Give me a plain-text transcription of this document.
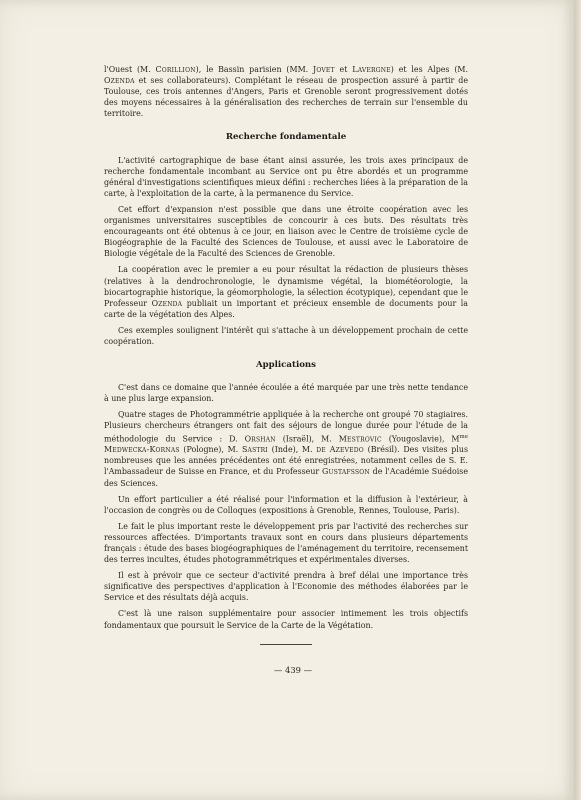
l'Ouest (M. Corillion), le Bassin parisien (MM. Jovet et Lavergne) et les Alpes (M. Ozenda et ses collaborateurs). Complétant le réseau de prospection assuré à partir de Toulouse, ces trois antennes d'Angers, Paris et Grenoble seront progressivement dotés des moyens nécessaires à la généralisation des recherches de terrain sur l'ensemble du territoire.

Recherche fondamentale

L'activité cartographique de base étant ainsi assurée, les trois axes principaux de recherche fondamentale incombant au Service ont pu être abordés et un programme général d'investigations scientifiques mieux défini : recherches liées à la préparation de la carte, à l'exploitation de la carte, à la permanence du Service.

Cet effort d'expansion n'est possible que dans une étroite coopération avec les organismes universitaires susceptibles de concourir à ces buts. Des résultats très encourageants ont été obtenus à ce jour, en liaison avec le Centre de troisième cycle de Biogéographie de la Faculté des Sciences de Toulouse, et aussi avec le Laboratoire de Biologie végétale de la Faculté des Sciences de Grenoble.

La coopération avec le premier a eu pour résultat la rédaction de plusieurs thèses (relatives à la dendrochronologie, le dynamisme végétal, la biométéorologie, la biocartographie historique, la géomorphologie, la sélection écotypique), cependant que le Professeur Ozenda publiait un important et précieux ensemble de documents pour la carte de la végétation des Alpes.

Ces exemples soulignent l'intérêt qui s'attache à un développement prochain de cette coopération.

Applications

C'est dans ce domaine que l'année écoulée a été marquée par une très nette tendance à une plus large expansion.

Quatre stages de Photogrammétrie appliquée à la recherche ont groupé 70 stagiaires. Plusieurs chercheurs étrangers ont fait des séjours de longue durée pour l'étude de la méthodologie du Service : D. Orshan (Israël), M. Mestrovic (Yougoslavie), $M^{me}$ Medwecka-Kornas (Pologne), M. Sastri (Inde), M. de Azevedo (Brésil). Des visites plus nombreuses que les années précédentes ont été enregistrées, notamment celles de S. E. l'Ambassadeur de Suisse en France, et du Professeur Gustafsson de l'Académie Suédoise des Sciences.

Un effort particulier a été réalisé pour l'information et la diffusion à l'extérieur, à l'occasion de congrès ou de Colloques (expositions à Grenoble, Rennes, Toulouse, Paris).

Le fait le plus important reste le développement pris par l'activité des recherches sur ressources affectées. D'importants travaux sont en cours dans plusieurs départements français : étude des bases biogéographiques de l'aménagement du territoire, recensement des terres incultes, études photogrammétriques et expérimentales diverses.

Il est à prévoir que ce secteur d'activité prendra à bref délai une importance très significative des perspectives d'application à l'Economie des méthodes élaborées par le Service et des résultats déjà acquis.

C'est là une raison supplémentaire pour associer intimement les trois objectifs fondamentaux que poursuit le Service de la Carte de la Végétation.

— 439 —
